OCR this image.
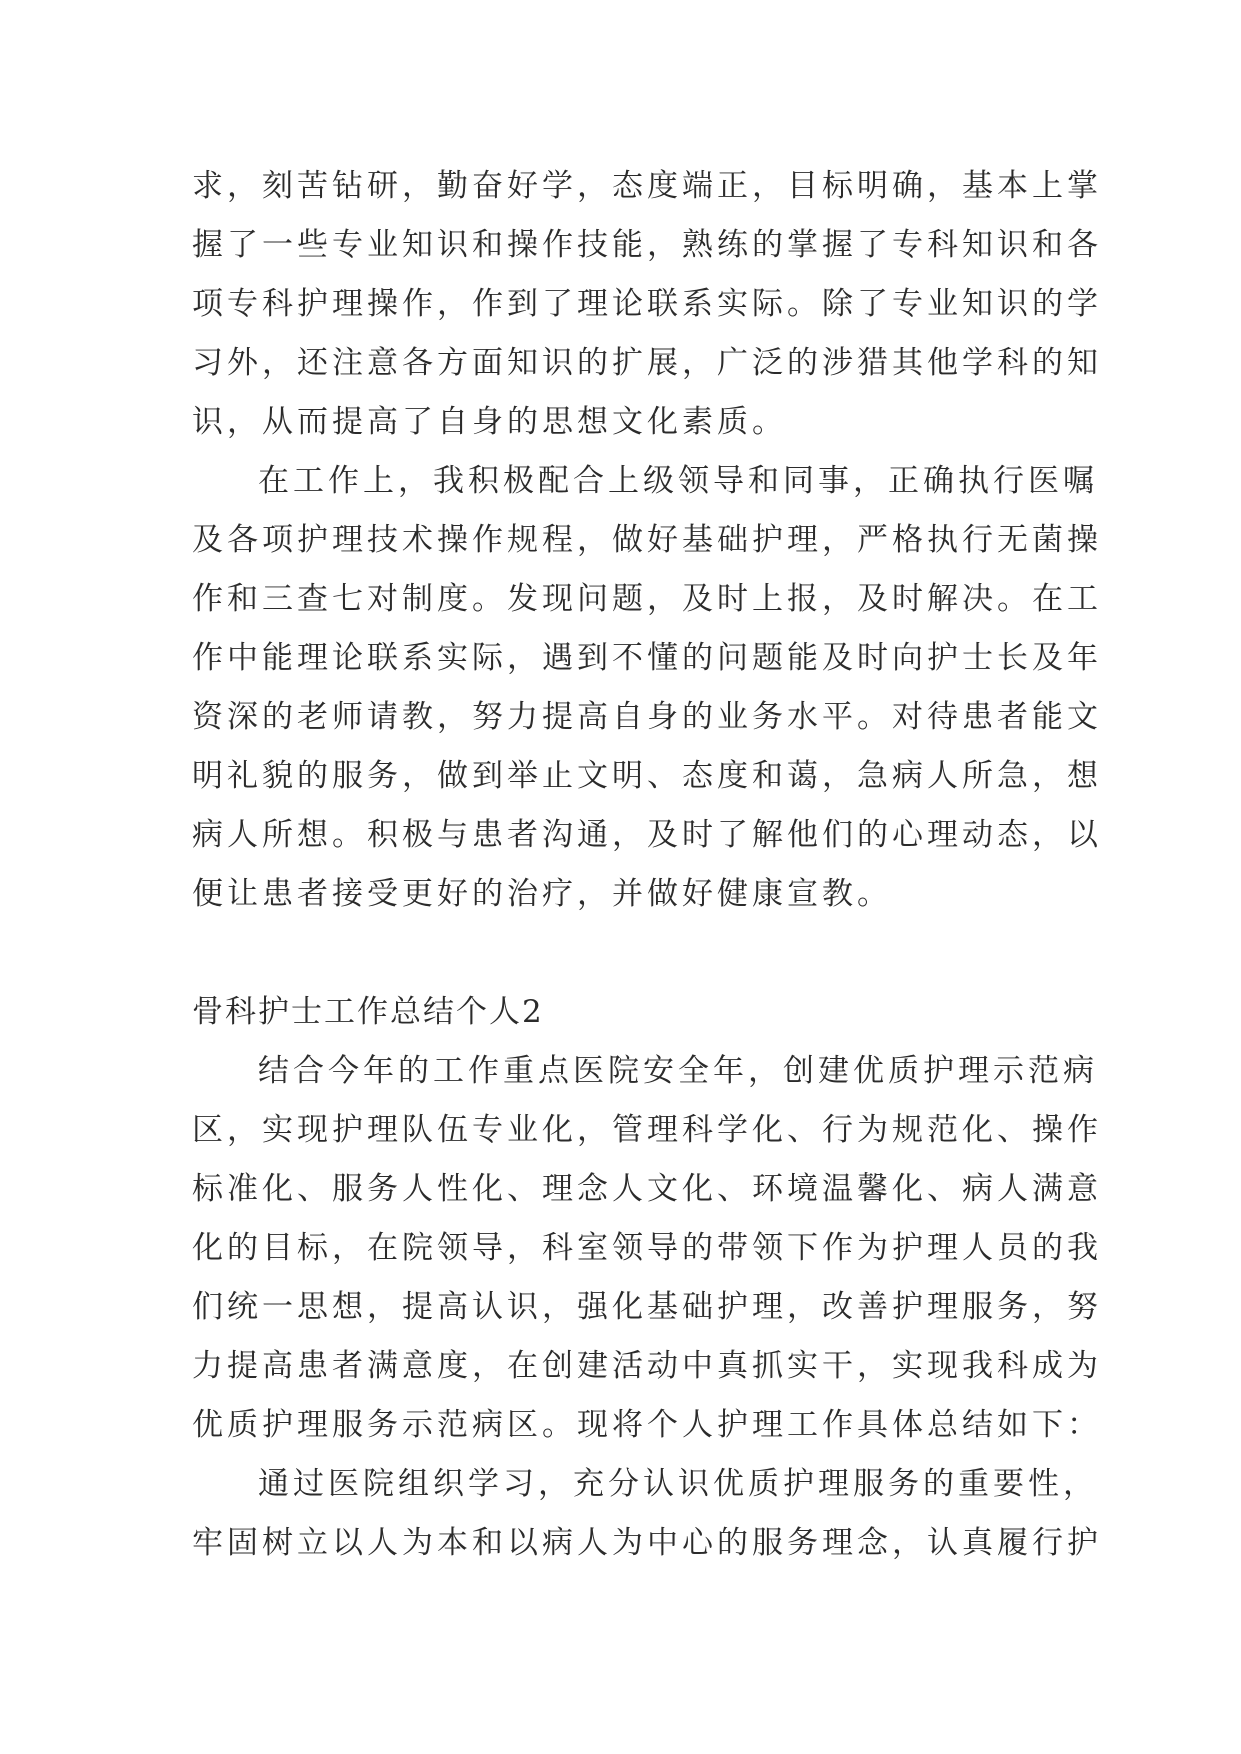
求，刻苦钻研，勤奋好学，态度端正，目标明确，基本上掌
握了一些专业知识和操作技能，熟练的掌握了专科知识和各
项专科护理操作，作到了理论联系实际。除了专业知识的学
习外，还注意各方面知识的扩展，广泛的涉猎其他学科的知
识，从而提高了自身的思想文化素质。
在工作上，我积极配合上级领导和同事，正确执行医嘱
及各项护理技术操作规程，做好基础护理，严格执行无菌操
作和三查七对制度。发现问题，及时上报，及时解决。在工
作中能理论联系实际，遇到不懂的问题能及时向护士长及年
资深的老师请教，努力提高自身的业务水平。对待患者能文
明礼貌的服务，做到举止文明、态度和蔼，急病人所急，想
病人所想。积极与患者沟通，及时了解他们的心理动态，以
便让患者接受更好的治疗，并做好健康宣教。
骨科护士工作总结个人2
结合今年的工作重点医院安全年，创建优质护理示范病
区，实现护理队伍专业化，管理科学化、行为规范化、操作
标准化、服务人性化、理念人文化、环境温馨化、病人满意
化的目标，在院领导，科室领导的带领下作为护理人员的我
们统一思想，提高认识，强化基础护理，改善护理服务，努
力提高患者满意度，在创建活动中真抓实干，实现我科成为
优质护理服务示范病区。现将个人护理工作具体总结如下：
通过医院组织学习，充分认识优质护理服务的重要性，
牢固树立以人为本和以病人为中心的服务理念，认真履行护
